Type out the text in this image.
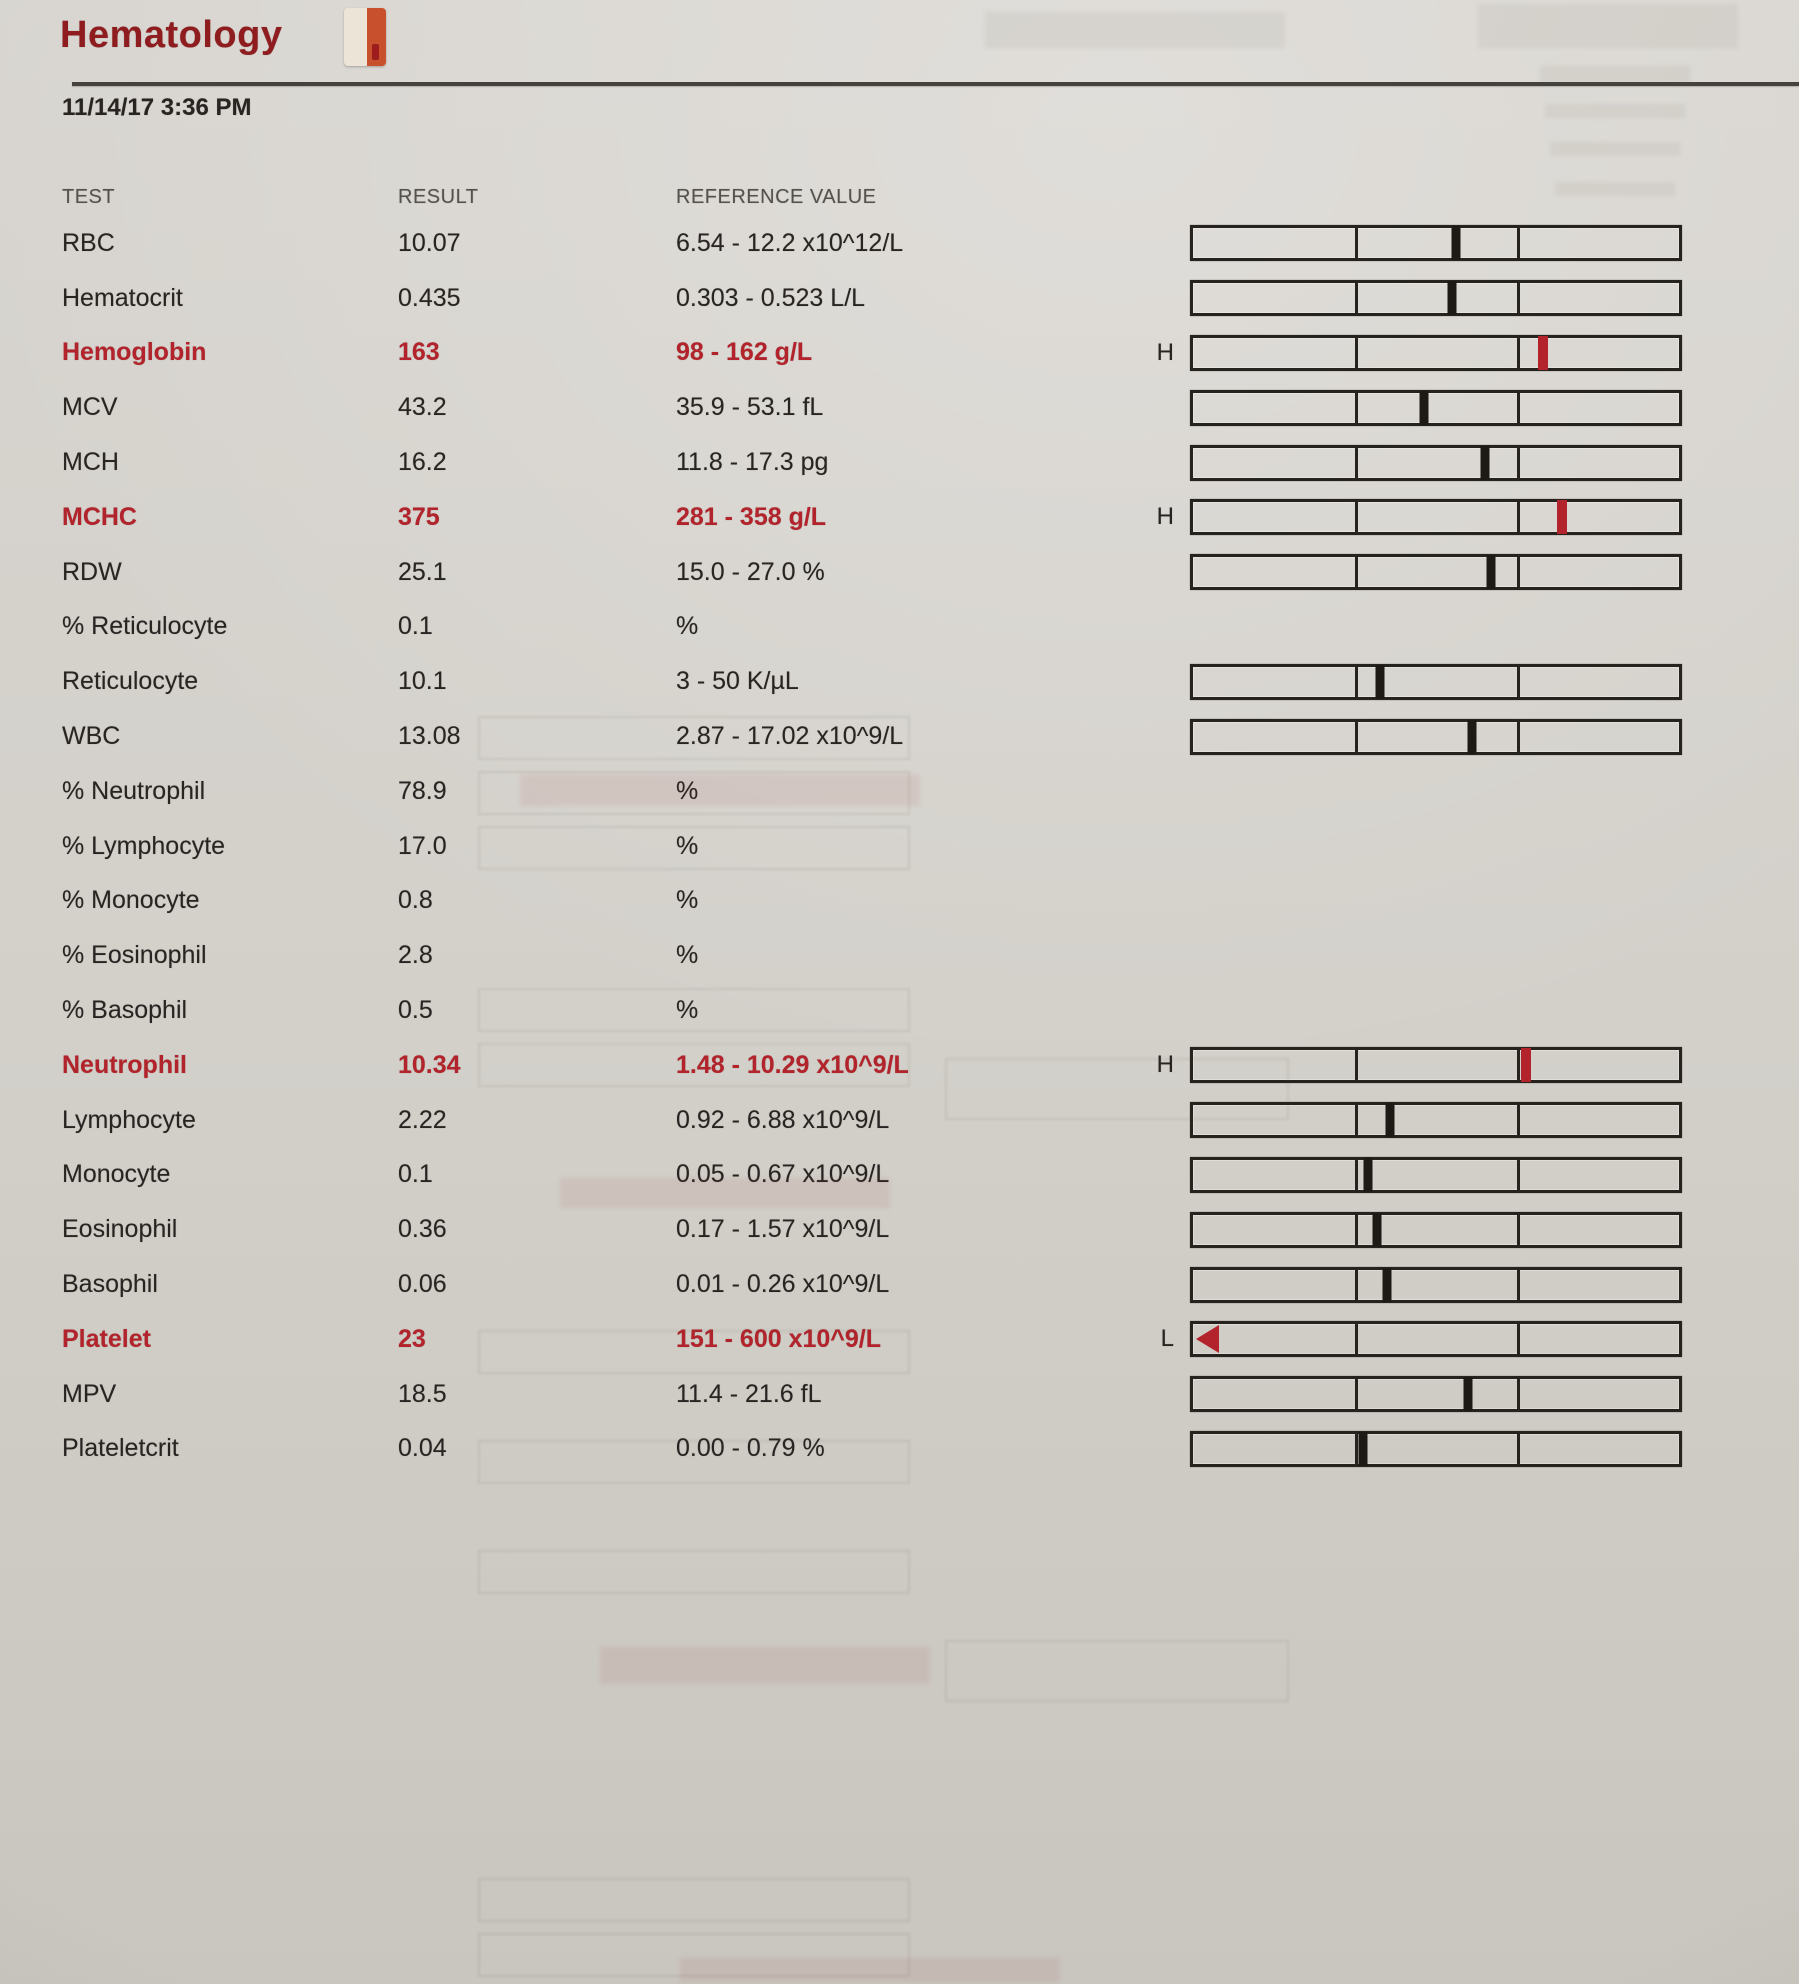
Hematology
11/14/17 3:36 PM
TEST	RESULT	REFERENCE VALUE
RBC	10.07	6.54 - 12.2 x10^12/L
Hematocrit	0.435	0.303 - 0.523 L/L
Hemoglobin	163	98 - 162 g/L	H
MCV	43.2	35.9 - 53.1 fL
MCH	16.2	11.8 - 17.3 pg
MCHC	375	281 - 358 g/L	H
RDW	25.1	15.0 - 27.0 %
% Reticulocyte	0.1	%
Reticulocyte	10.1	3 - 50 K/µL
WBC	13.08	2.87 - 17.02 x10^9/L
% Neutrophil	78.9	%
% Lymphocyte	17.0	%
% Monocyte	0.8	%
% Eosinophil	2.8	%
% Basophil	0.5	%
Neutrophil	10.34	1.48 - 10.29 x10^9/L	H
Lymphocyte	2.22	0.92 - 6.88 x10^9/L
Monocyte	0.1	0.05 - 0.67 x10^9/L
Eosinophil	0.36	0.17 - 1.57 x10^9/L
Basophil	0.06	0.01 - 0.26 x10^9/L
Platelet	23	151 - 600 x10^9/L	L
MPV	18.5	11.4 - 21.6 fL
Plateletcrit	0.04	0.00 - 0.79 %
